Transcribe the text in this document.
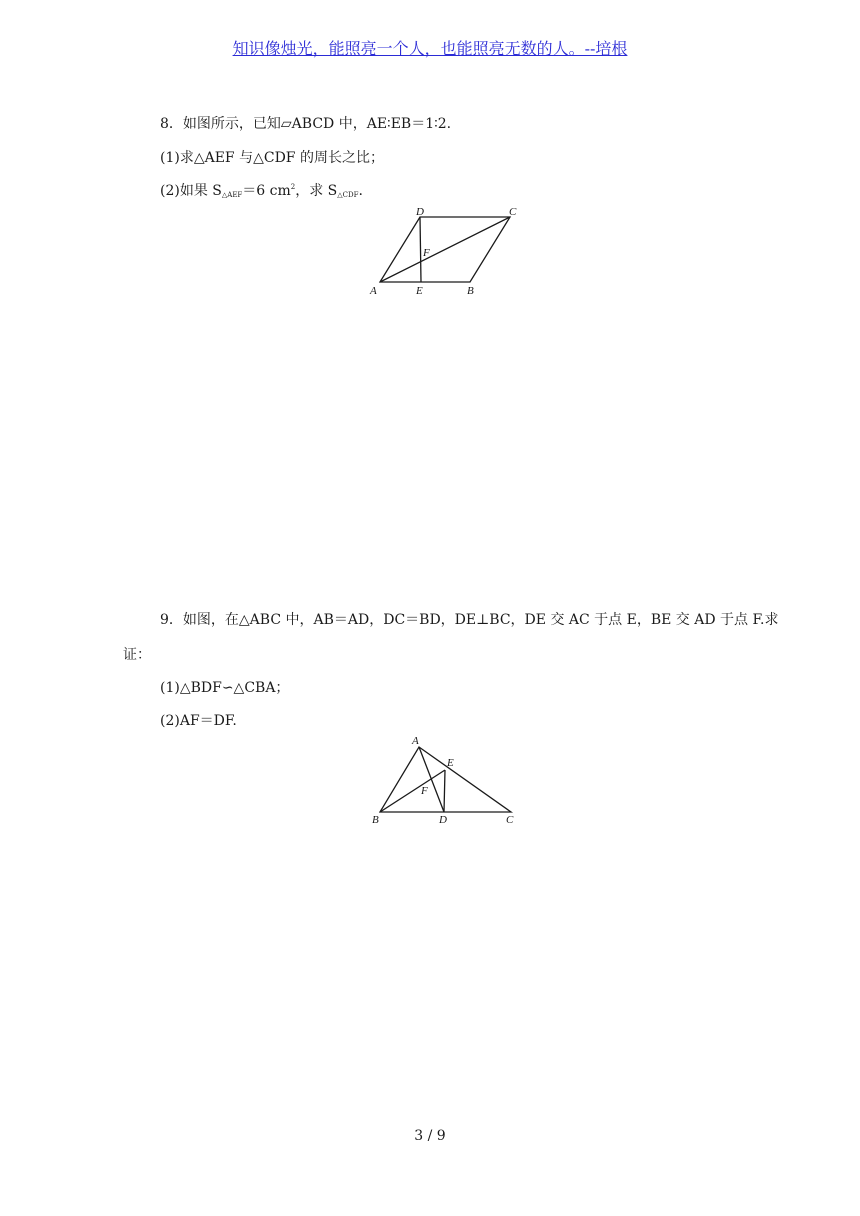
知识像烛光，能照亮一个人，也能照亮无数的人。--培根
8．如图所示，已知▱ABCD 中，AE∶EB＝1∶2.
(1)求△AEF 与△CDF 的周长之比；
(2)如果 $S_{\triangle AEF}=6$ $cm^2$，求 $S_{\triangle CDF}$.
A	E	B
D	C
F
9．如图，在△ABC 中，AB＝AD，DC＝BD，DE⊥BC，DE 交 AC 于点 E，BE 交 AD 于点 F.求
证：
(1)△BDF∽△CBA；
(2)AF＝DF.
B	D	C
A
E
F
3 / 9
